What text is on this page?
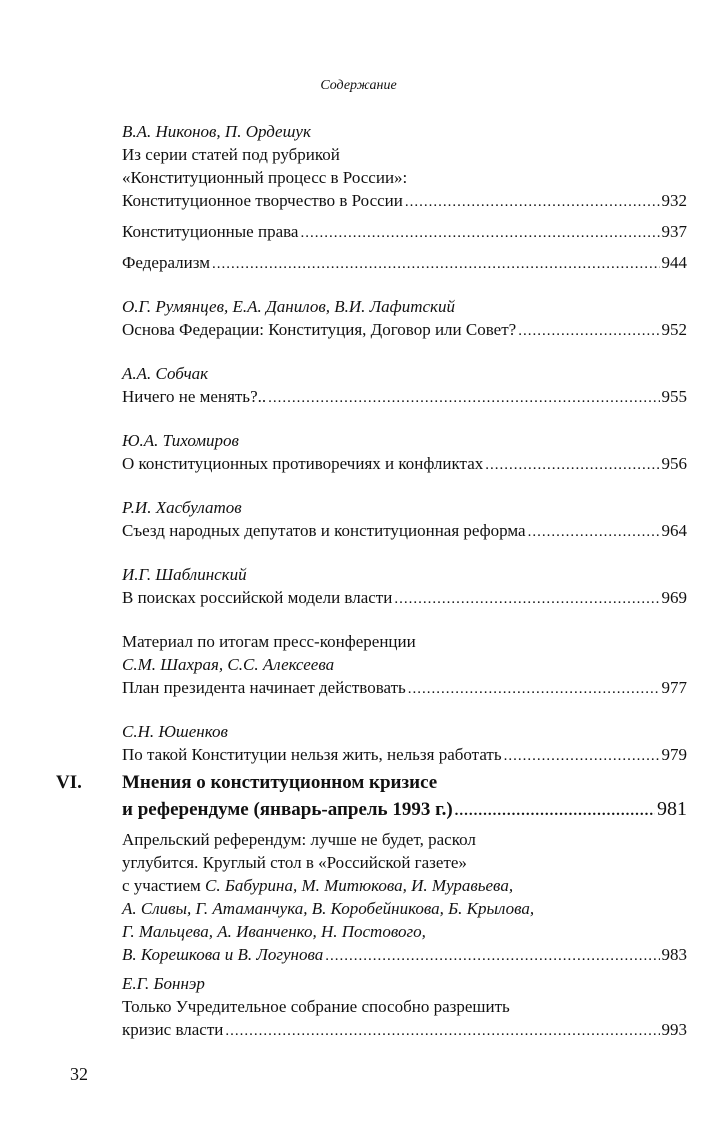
Содержание
В.А. Никонов, П. Ордешук
Из серии статей под рубрикой
«Конституционный процесс в России»:
Конституционное творчество в России .....	932
Конституционные права .....	937
Федерализм .....	944
О.Г. Румянцев, Е.А. Данилов, В.И. Лафитский
Основа Федерации: Конституция, Договор или Совет? .....	952
А.А. Собчак
Ничего не менять?.. .....	955
Ю.А. Тихомиров
О конституционных противоречиях и конфликтах .....	956
Р.И. Хасбулатов
Съезд народных депутатов и конституционная реформа .....	964
И.Г. Шаблинский
В поисках российской модели власти .....	969
Материал по итогам пресс-конференции
С.М. Шахрая, С.С. Алексеева
План президента начинает действовать .....	977
С.Н. Юшенков
По такой Конституции нельзя жить, нельзя работать .....	979
VI. Мнения о конституционном кризисе
и референдуме (январь-апрель 1993 г.) .....	981
Апрельский референдум: лучше не будет, раскол
углубится. Круглый стол в «Российской газете»
с участием С. Бабурина, М. Митюкова, И. Муравьева,
А. Сливы, Г. Атаманчука, В. Коробейникова, Б. Крылова,
Г. Мальцева, А. Иванченко, Н. Постового,
В. Корешкова и В. Логунова .....	983
Е.Г. Боннэр
Только Учредительное собрание способно разрешить
кризис власти .....	993
32
